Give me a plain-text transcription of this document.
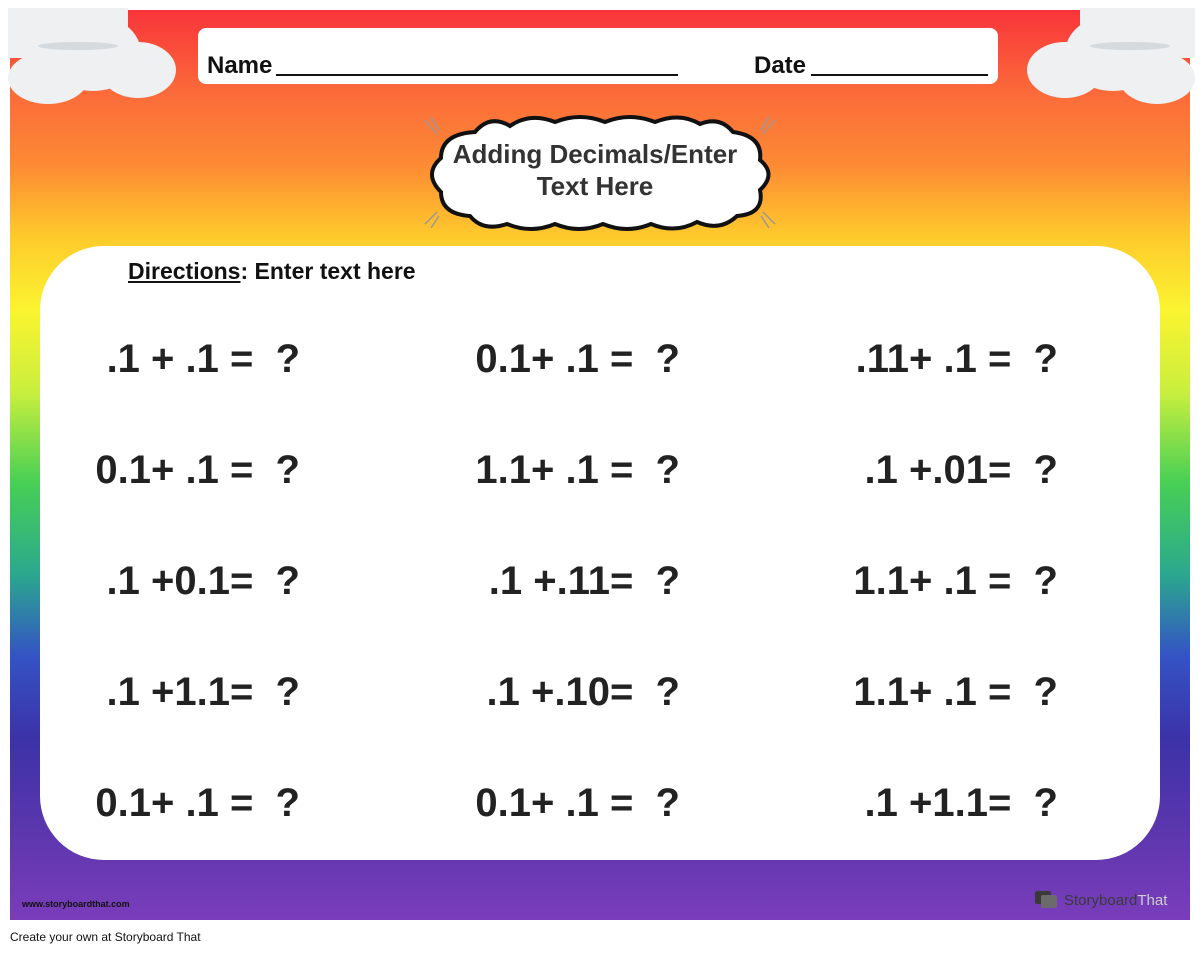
Name	Date
Adding Decimals/Enter
Text Here
Directions: Enter text here
.1 + .1 =  ?	0.1+ .1 =  ?	.11+ .1 =  ?
0.1+ .1 =  ?	1.1+ .1 =  ?	.1 +.01=  ?
.1 +0.1=  ?	.1 +.11=  ?	1.1+ .1 =  ?
.1 +1.1=  ?	.1 +.10=  ?	1.1+ .1 =  ?
0.1+ .1 =  ?	0.1+ .1 =  ?	.1 +1.1=  ?
www.storyboardthat.com	StoryboardThat
Create your own at Storyboard That
